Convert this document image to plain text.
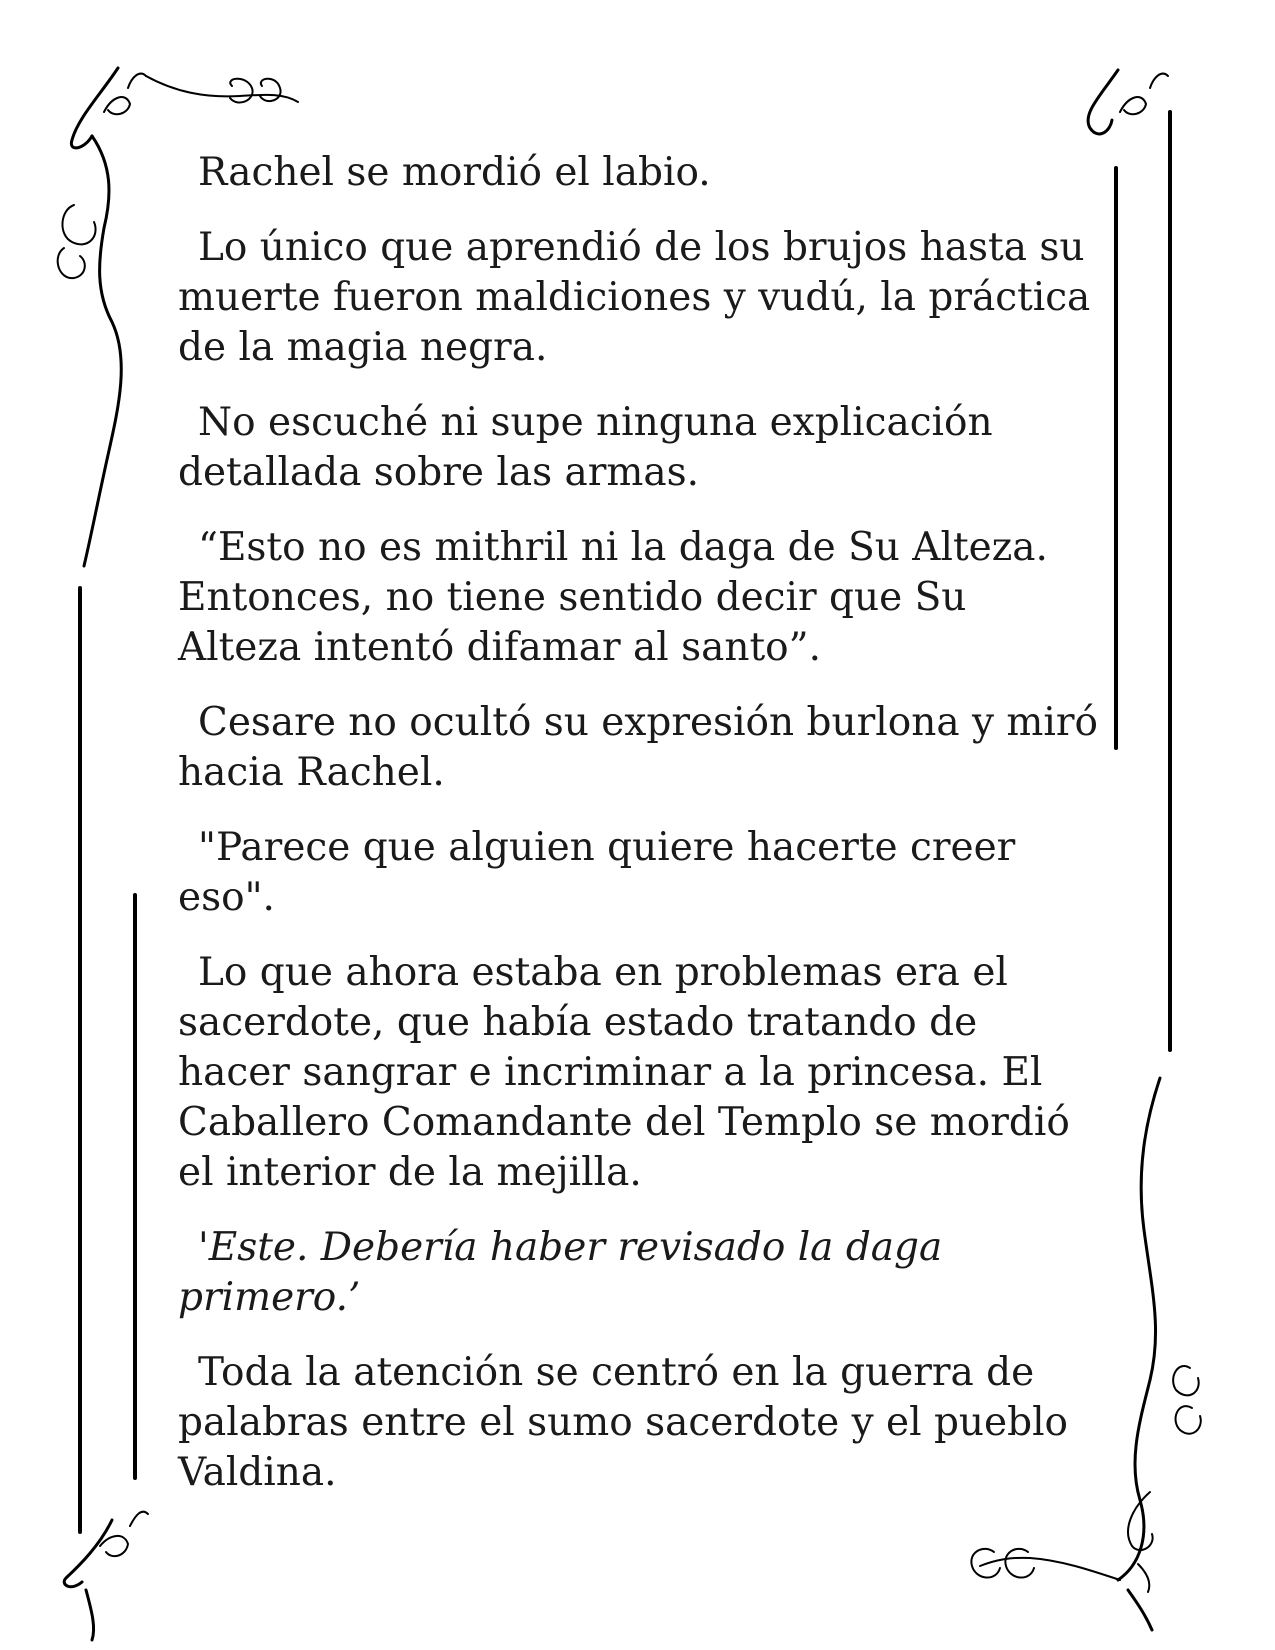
Rachel se mordió el labio.

Lo único que aprendió de los brujos hasta su muerte fueron maldiciones y vudú, la práctica de la magia negra.

No escuché ni supe ninguna explicación detallada sobre las armas.

“Esto no es mithril ni la daga de Su Alteza. Entonces, no tiene sentido decir que Su Alteza intentó difamar al santo”.

Cesare no ocultó su expresión burlona y miró hacia Rachel.

"Parece que alguien quiere hacerte creer eso".

Lo que ahora estaba en problemas era el sacerdote, que había estado tratando de hacer sangrar e incriminar a la princesa. El Caballero Comandante del Templo se mordió el interior de la mejilla.

'Este. Debería haber revisado la daga primero.’

Toda la atención se centró en la guerra de palabras entre el sumo sacerdote y el pueblo Valdina.
